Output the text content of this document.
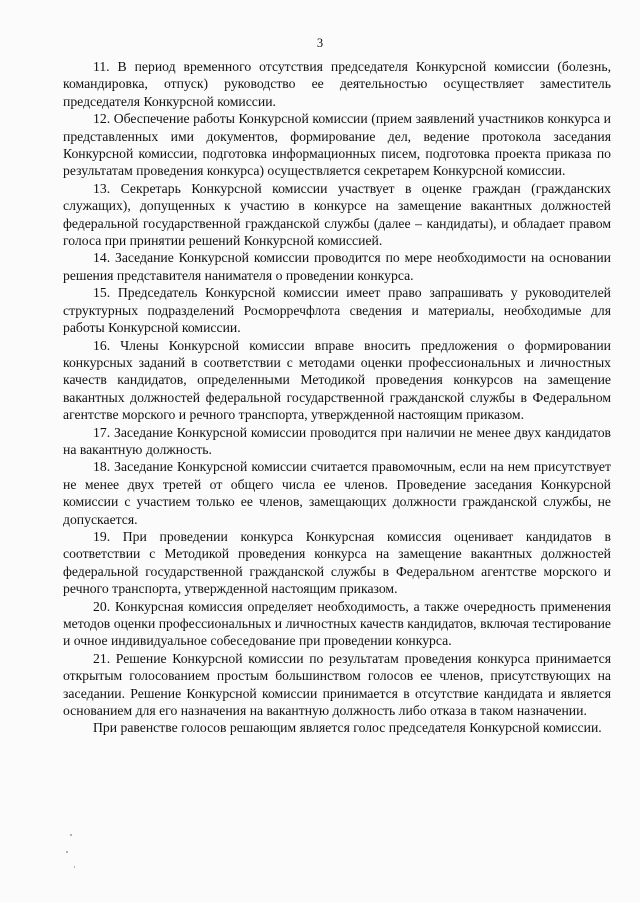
3

11. В период временного отсутствия председателя Конкурсной комиссии (болезнь, командировка, отпуск) руководство ее деятельностью осуществляет заместитель председателя Конкурсной комиссии.

12. Обеспечение работы Конкурсной комиссии (прием заявлений участников конкурса и представленных ими документов, формирование дел, ведение протокола заседания Конкурсной комиссии, подготовка информационных писем, подготовка проекта приказа по результатам проведения конкурса) осуществляется секретарем Конкурсной комиссии.

13. Секретарь Конкурсной комиссии участвует в оценке граждан (гражданских служащих), допущенных к участию в конкурсе на замещение вакантных должностей федеральной государственной гражданской службы (далее – кандидаты), и обладает правом голоса при принятии решений Конкурсной комиссией.

14. Заседание Конкурсной комиссии проводится по мере необходимости на основании решения представителя нанимателя о проведении конкурса.

15. Председатель Конкурсной комиссии имеет право запрашивать у руководителей структурных подразделений Росморречфлота сведения и материалы, необходимые для работы Конкурсной комиссии.

16. Члены Конкурсной комиссии вправе вносить предложения о формировании конкурсных заданий в соответствии с методами оценки профессиональных и личностных качеств кандидатов, определенными Методикой проведения конкурсов на замещение вакантных должностей федеральной государственной гражданской службы в Федеральном агентстве морского и речного транспорта, утвержденной настоящим приказом.

17. Заседание Конкурсной комиссии проводится при наличии не менее двух кандидатов на вакантную должность.

18. Заседание Конкурсной комиссии считается правомочным, если на нем присутствует не менее двух третей от общего числа ее членов. Проведение заседания Конкурсной комиссии с участием только ее членов, замещающих должности гражданской службы, не допускается.

19. При проведении конкурса Конкурсная комиссия оценивает кандидатов в соответствии с Методикой проведения конкурса на замещение вакантных должностей федеральной государственной гражданской службы в Федеральном агентстве морского и речного транспорта, утвержденной настоящим приказом.

20. Конкурсная комиссия определяет необходимость, а также очередность применения методов оценки профессиональных и личностных качеств кандидатов, включая тестирование и очное индивидуальное собеседование при проведении конкурса.

21. Решение Конкурсной комиссии по результатам проведения конкурса принимается открытым голосованием простым большинством голосов ее членов, присутствующих на заседании. Решение Конкурсной комиссии принимается в отсутствие кандидата и является основанием для его назначения на вакантную должность либо отказа в таком назначении.

При равенстве голосов решающим является голос председателя Конкурсной комиссии.
